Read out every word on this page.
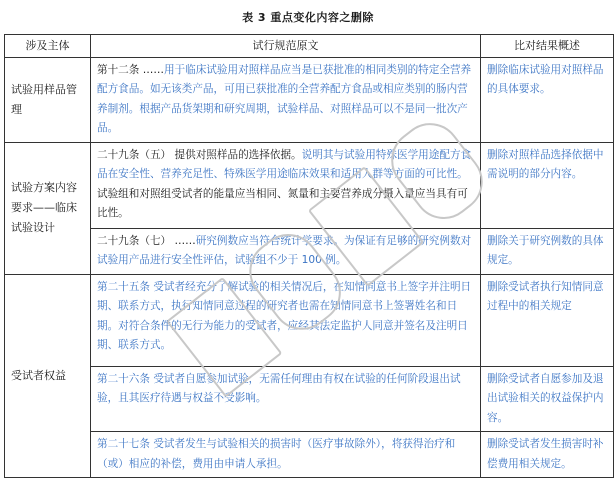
表 3 重点变化内容之删除
涉及主体	试行规范原文	比对结果概述
试验用样品管理	第十二条 ……用于临床试验用对照样品应当是已获批准的相同类别的特定全营养配方食品。如无该类产品，可用已获批准的全营养配方食品或相应类别的肠内营养制剂。根据产品货架期和研究周期，试验样品、对照样品可以不是同一批次产品。	删除临床试验用对照样品的具体要求。
试验方案内容要求——临床试验设计	二十九条（五） 提供对照样品的选择依据。说明其与试验用特殊医学用途配方食品在安全性、营养充足性、特殊医学用途临床效果和适用人群等方面的可比性。试验组和对照组受试者的能量应当相同、氮量和主要营养成分摄入量应当具有可比性。	删除对照样品选择依据中需说明的部分内容。
	二十九条（七） ……研究例数应当符合统计学要求。为保证有足够的研究例数对试验用产品进行安全性评估，试验组不少于 100 例。	删除关于研究例数的具体规定。
受试者权益	第二十五条 受试者经充分了解试验的相关情况后，在知情同意书上签字并注明日期、联系方式，执行知情同意过程的研究者也需在知情同意书上签署姓名和日期。对符合条件的无行为能力的受试者，应经其法定监护人同意并签名及注明日期、联系方式。	删除受试者执行知情同意过程中的相关规定
	第二十六条 受试者自愿参加试验，无需任何理由有权在试验的任何阶段退出试验，且其医疗待遇与权益不受影响。	删除受试者自愿参加及退出试验相关的权益保护内容。
	第二十七条 受试者发生与试验相关的损害时（医疗事故除外），将获得治疗和（或）相应的补偿，费用由申请人承担。	删除受试者发生损害时补偿费用相关规定。
